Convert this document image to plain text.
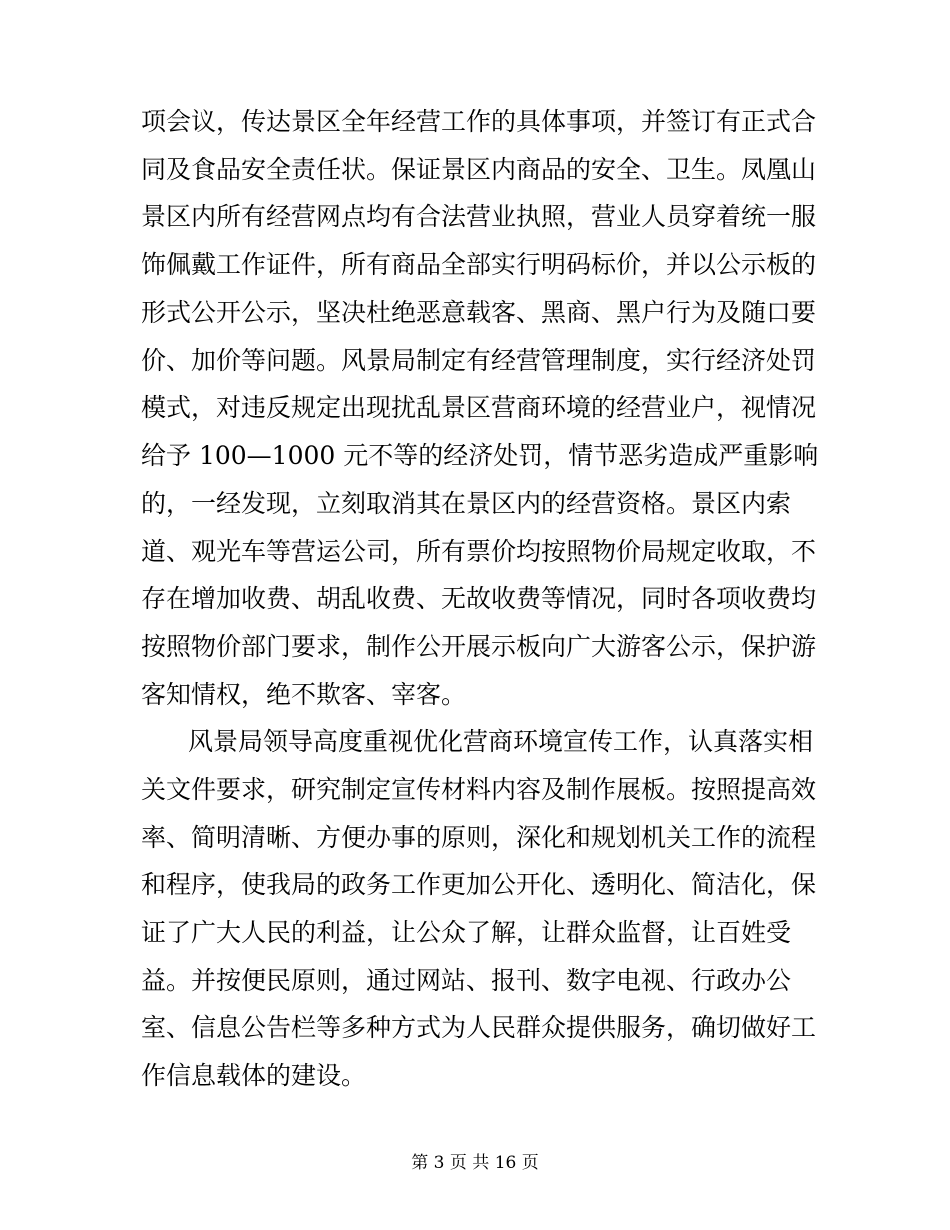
项会议，传达景区全年经营工作的具体事项，并签订有正式合
同及食品安全责任状。保证景区内商品的安全、卫生。凤凰山
景区内所有经营网点均有合法营业执照，营业人员穿着统一服
饰佩戴工作证件，所有商品全部实行明码标价，并以公示板的
形式公开公示，坚决杜绝恶意载客、黑商、黑户行为及随口要
价、加价等问题。风景局制定有经营管理制度，实行经济处罚
模式，对违反规定出现扰乱景区营商环境的经营业户，视情况
给予 100—1000 元不等的经济处罚，情节恶劣造成严重影响
的，一经发现，立刻取消其在景区内的经营资格。景区内索
道、观光车等营运公司，所有票价均按照物价局规定收取，不
存在增加收费、胡乱收费、无故收费等情况，同时各项收费均
按照物价部门要求，制作公开展示板向广大游客公示，保护游
客知情权，绝不欺客、宰客。
风景局领导高度重视优化营商环境宣传工作，认真落实相
关文件要求，研究制定宣传材料内容及制作展板。按照提高效
率、简明清晰、方便办事的原则，深化和规划机关工作的流程
和程序，使我局的政务工作更加公开化、透明化、简洁化，保
证了广大人民的利益，让公众了解，让群众监督，让百姓受
益。并按便民原则，通过网站、报刊、数字电视、行政办公
室、信息公告栏等多种方式为人民群众提供服务，确切做好工
作信息载体的建设。
第 3 页 共 16 页
